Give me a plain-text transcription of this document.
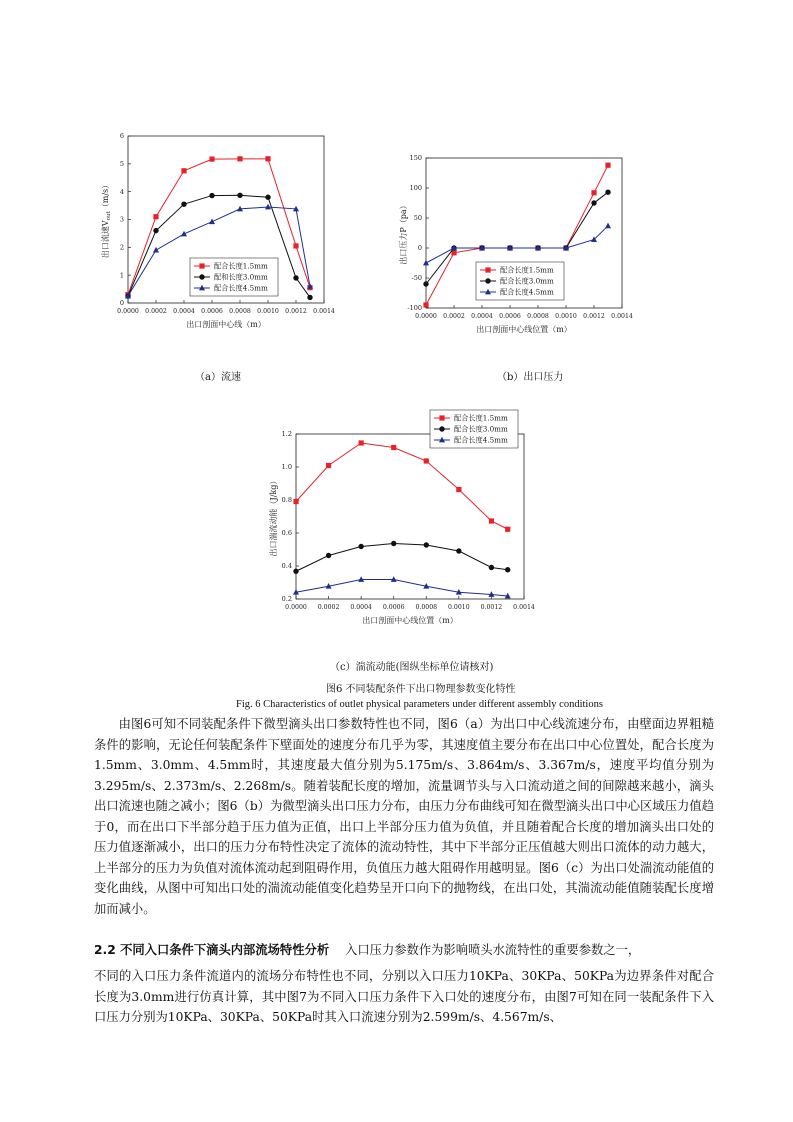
0.0000 0.0002 0.0004 0.0006 0.0008 0.0010 0.0012 0.0014
0
1
2
3
4
5
6
出口剖面中心线（m）
出口流速$V_{out}(m/s)$
配合长度1.5mm
配和长度3.0mm
配合长度4.5mm
（a）流速
0.0000 0.0002 0.0004 0.0006 0.0008 0.0010 0.0012 0.0014
-100
-50
0
50
100
150
出口剖面中心线位置（m）
出口压力P（pa）
配合长度1.5mm
配合长度3.0mm
配合长度4.5mm
（b）出口压力
0.0000 0.0002 0.0004 0.0006 0.0008 0.0010 0.0012 0.0014
0.2
0.4
0.6
0.8
1.0
1.2
出口剖面中心线位置（m）
出口湍流动能（J/kg）
配合长度1.5mm
配合长度3.0mm
配合长度4.5mm
（c）湍流动能(图纵坐标单位请核对)
图6 不同装配条件下出口物理参数变化特性
Fig. 6 Characteristics of outlet physical parameters under different assembly conditions

由图6可知不同装配条件下微型滴头出口参数特性也不同，图6（a）为出口中心线流速分布，由壁面边界粗糙条件的影响，无论任何装配条件下壁面处的速度分布几乎为零，其速度值主要分布在出口中心位置处，配合长度为1.5mm、3.0mm、4.5mm时，其速度最大值分别为5.175m/s、3.864m/s、3.367m/s，速度平均值分别为3.295m/s、2.373m/s、2.268m/s。随着装配长度的增加，流量调节头与入口流动道之间的间隙越来越小，滴头出口流速也随之减小；图6（b）为微型滴头出口压力分布，由压力分布曲线可知在微型滴头出口中心区域压力值趋于0，而在出口下半部分趋于压力值为正值，出口上半部分压力值为负值，并且随着配合长度的增加滴头出口处的压力值逐渐减小，出口的压力分布特性决定了流体的流动特性，其中下半部分正压值越大则出口流体的动力越大，上半部分的压力为负值对流体流动起到阻碍作用，负值压力越大阻碍作用越明显。图6（c）为出口处湍流动能值的变化曲线，从图中可知出口处的湍流动能值变化趋势呈开口向下的抛物线，在出口处，其湍流动能值随装配长度增加而减小。

2.2 不同入口条件下滴头内部流场特性分析 入口压力参数作为影响喷头水流特性的重要参数之一，

不同的入口压力条件流道内的流场分布特性也不同，分别以入口压力10KPa、30KPa、50KPa为边界条件对配合长度为3.0mm进行仿真计算，其中图7为不同入口压力条件下入口处的速度分布，由图7可知在同一装配条件下入口压力分别为10KPa、30KPa、50KPa时其入口流速分别为2.599m/s、4.567m/s、
